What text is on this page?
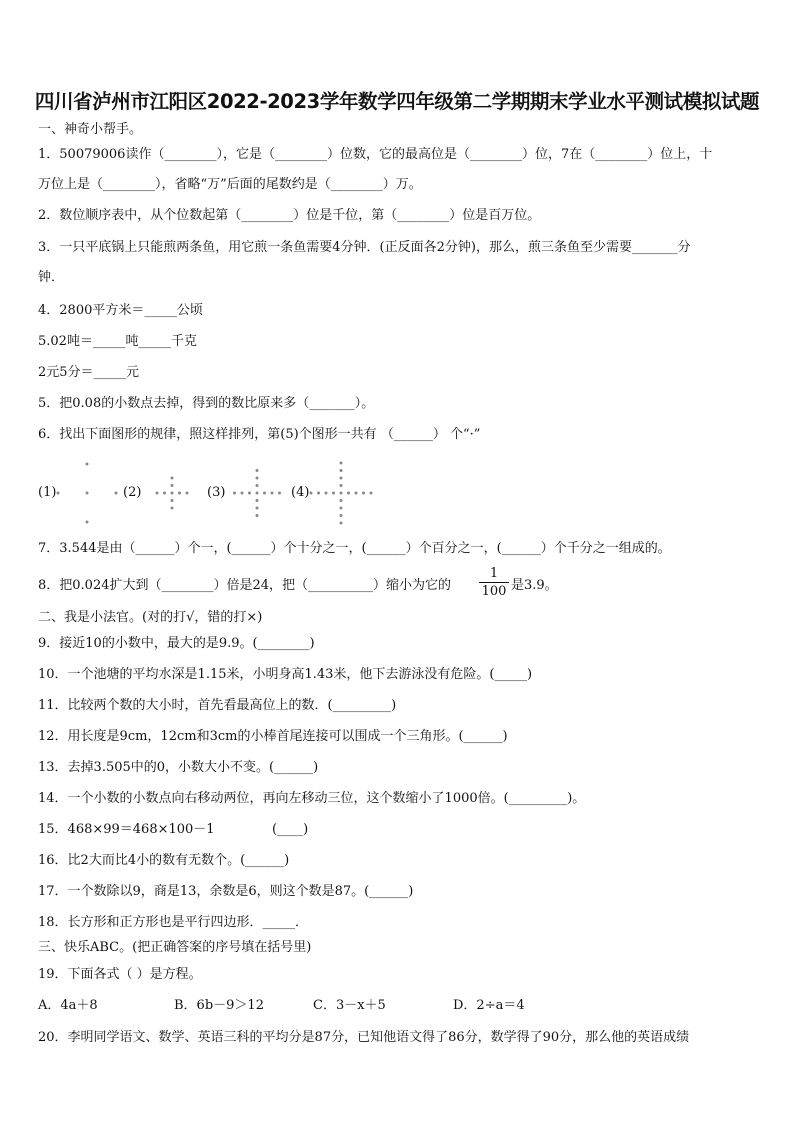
四川省泸州市江阳区2022-2023学年数学四年级第二学期期末学业水平测试模拟试题
一、神奇小帮手。
1．50079006读作（________），它是（________）位数，它的最高位是（________）位，7在（________）位上，十
万位上是（________），省略“万”后面的尾数约是（________）万。
2．数位顺序表中，从个位数起第（________）位是千位，第（________）位是百万位。
3．一只平底锅上只能煎两条鱼，用它煎一条鱼需要4分钟．(正反面各2分钟)，那么，煎三条鱼至少需要_______分
钟．
4．2800平方米＝_____公顷
5.02吨＝_____吨_____千克
2元5分＝_____元
5．把0.08的小数点去掉，得到的数比原来多（_______）。
6．找出下面图形的规律，照这样排列，第(5)个图形一共有 （______） 个“·”
(1)	(2)	(3)	(4)
7．3.544是由（______）个一，(______）个十分之一，(______）个百分之一，(______）个千分之一组成的。
8．把0.024扩大到（________）倍是24，把（__________）缩小为它的
1
100 是3.9。
二、我是小法官。(对的打√，错的打×)
9．接近10的小数中，最大的是9.9。(________)
10．一个池塘的平均水深是1.15米，小明身高1.43米，他下去游泳没有危险。(_____)
11．比较两个数的大小时，首先看最高位上的数．(_________)
12．用长度是9cm，12cm和3cm的小棒首尾连接可以围成一个三角形。(______)
13．去掉3.505中的0，小数大小不变。(______)
14．一个小数的小数点向右移动两位，再向左移动三位，这个数缩小了1000倍。(_________)。
15．468×99＝468×100－1	(____)
16．比2大而比4小的数有无数个。(______)
17．一个数除以9，商是13，余数是6，则这个数是87。(______)
18．长方形和正方形也是平行四边形．_____．
三、快乐ABC。(把正确答案的序号填在括号里)
19．下面各式（ ）是方程。
A．4a＋8	B．6b－9＞12	C．3－x＋5	D．2÷a＝4
20．李明同学语文、数学、英语三科的平均分是87分，已知他语文得了86分，数学得了90分，那么他的英语成绩
